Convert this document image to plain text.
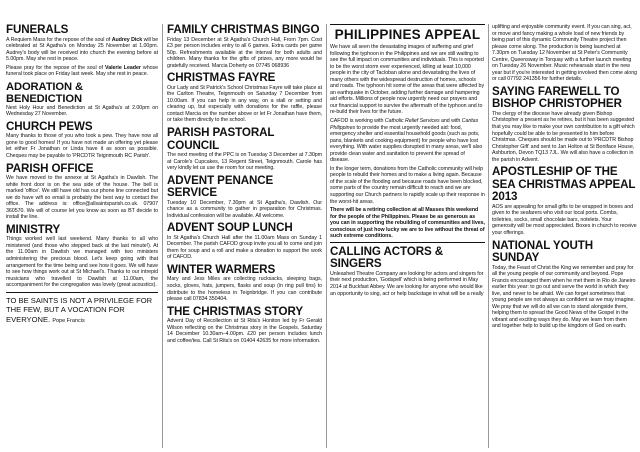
FUNERALS

A Requiem Mass for the repose of the soul of Audrey Dick will be celebrated at St Agatha's on Monday 25 November at 1.00pm. Audrey's body will be received into church the evening before at 5.00pm. May she rest in peace.

Please pray for the repose of the soul of Valerie Leader whose funeral took place on Friday last week. May she rest in peace.

ADORATION & BENEDICTION

Next Holy Hour and Benediction at St Agatha's at 2.00pm on Wednesday 27 November.

CHURCH PEWS

Many thanks to those of you who took a pew. They have now all gone to good homes! If you have not made an offering yet please let either Fr Jonathan or Linda have it as soon as possible. Cheques may be payable to 'PRCDTR Teignmouth RC Parish'.

PARISH OFFICE

We have moved to the annexe at St Agatha's in Dawlish. The white front door is on the sea side of the house. The bell is marked 'office'. We still have old has our phone line connected but we do have wifi so email is probably the best way to contact the office. The address is: office@allsaintsparish.co.uk. 07907 360570. We will of course let you know as soon as BT decide to install the line.

MINISTRY

Things worked well last weekend. Many thanks to all who ministered (and those who stepped back at the last minute!). At the 11.00am in Dawlish we managed with two ministers administering the precious blood. Let's keep going with that arrangement for the time being and see how it goes. We will have to see how things work out at St Michael's. Thanks to our intrepid musicians who travelled to Dawlish at 11.00am, the accompaniment for the congregation was lovely (great acoustics).

TO BE SAINTS IS NOT A PRIVILEGE FOR THE FEW, BUT A VOCATION FOR EVERYONE. Pope Francis
FAMILY CHRISTMAS BINGO

Friday 13 December at St Agatha's Church Hall, From 7pm. Cost £3 per person includes entry to all 6 games. Extra cards per game 50p. Refreshments available at the interval for both adults and children. Many thanks for the gifts of prizes, any more would be gratefully received. Marcia Doherty on 07745 068936

CHRISTMAS FAYRE

Our Lady and St Patrick's School Christmas Fayre will take place at the Carlton Theatre, Teignmouth on Saturday 7 December from 10.00am. If you can help in any way, on a stall or setting and clearing up, but especially with donations for the raffle, please contact Marcia on the number above or let Fr Jonathan have them, or take them directly to the school.

PARISH PASTORAL COUNCIL

The next meeting of the PPC is on Tuesday 3 December at 7.30pm at Carole's Cupcakes, 13 Regent Street, Teignmouth. Carole has very kindly let us use the room for our meeting.

ADVENT PENANCE SERVICE

Tuesday 10 December, 7.30pm at St Agatha's, Dawlish. Our chance as a community to gather in preparation for Christmas. Individual confession will be available. All welcome.

ADVENT SOUP LUNCH

In St Agatha's Church Hall after the 11.00am Mass on Sunday 1 December. The parish CAFOD group invite you all to come and join them for soup and a roll and make a donation to support the work of CAFOD.

WINTER WARMERS

Mary and Jess Miles are collecting rucksacks, sleeping bags, socks, gloves, hats, jumpers, flasks and soup (in ring pull tins) to distribute to the homeless in Teignbridge. If you can contribute please call 07834 350404.

THE CHRISTMAS STORY

Advent Day of Recollection at St Rita's Honiton led by Fr Gerald Wilson reflecting on the Christmas story in the Gospels. Saturday 14 December 10.30am–4.00pm. £20 per person includes lunch and coffee/tea. Call St Rita's on 01404 42635 for more information.

PHILIPPINES APPEAL

We have all seen the devastating images of suffering and grief following the typhoon in the Philippines and we are still waiting to see the full impact on communities and individuals. This is reported to be the worst storm ever experienced, killing at least 10,000 people in the city of Tacloban alone and devastating the lives of many others with the widespread destruction of homes, schools and roads. The typhoon hit some of the areas that were affected by an earthquake in October, adding further damage and hampering aid efforts. Millions of people now urgently need our prayers and our financial support to survive the aftermath of the typhoon and to re-build their lives for the future.

CAFOD is working with Catholic Relief Services and with Caritas Philippines to provide the most urgently needed aid: food, emergency shelter and essential household goods (such as pots, pans, blankets and cooking equipment) for people who have lost everything. With water supplies disrupted in many areas, we'll also provide clean water and sanitation to prevent the spread of disease.

In the longer term, donations from the Catholic community will help people to rebuild their homes and to make a living again. Because of the scale of the flooding and because roads have been blocked, some parts of the country remain difficult to reach and we are supporting our Church partners to rapidly scale up their response in the worst-hit areas.

There will be a retiring collection at all Masses this weekend for the people of the Philippines. Please be as generous as you can in supporting the rebuilding of communities and lives, conscious of just how lucky we are to live without the threat of such extreme conditions.

CALLING ACTORS & SINGERS

Unleashed Theatre Company are looking for actors and singers for their next production, 'Godspell' which is being performed in May 2014 at Buckfast Abbey. We are looking for anyone who would like an opportunity to sing, act or help backstage in what will be a really

uplifting and enjoyable community event. If you can sing, act, or move and fancy making a whole load of new friends by being part of this dynamic Community Theatre project then please come along. The production is being launched at 7.30pm on Tuesday 12 November at St Peter's Community Centre, Queensway in Torquay with a further launch meeting on Tuesday 26 November. Music rehearsals start in the new year but if you're interested in getting involved then come along or call 07792 241356 for further details.

SAYING FAREWELL TO BISHOP CHRISTOPHER

The clergy of the diocese have already given Bishop Christopher a present as he retires, but it has been suggested that you may like to make your own contribution to a gift which hopefully could be able to be presented to him before Christmas. Cheques should be made out to 'PRCDTR Bishop Christopher Gift' and sent to Jan Holton at St Boniface House, Ashburton, Devon TQ13 7JL. We will also have a collection in the parish in Advent.

APOSTLESHIP OF THE SEA CHRISTMAS APPEAL 2013

AOS are appealing for small gifts to be wrapped in boxes and given to the seafarers who visit our local ports. Combs, toiletries, socks, small chocolate bars, notelets. Your generosity will be most appreciated. Boxes in church to receive your offerings.

NATIONAL YOUTH SUNDAY

Today, the Feast of Christ the King we remember and pray for all the young people of our community and beyond. Pope Francis encouraged them when he met them in Rio de Janeiro earlier this year: to go out and serve the world in which they live, and never to be afraid. We can forget sometimes that young people are not always as confident as we may imagine. We pray that we will do all we can to stand alongside them, helping them to spread the Good News of the Gospel in the vibrant and exciting ways they do. May we learn from them and together help to build up the kingdom of God on earth.
